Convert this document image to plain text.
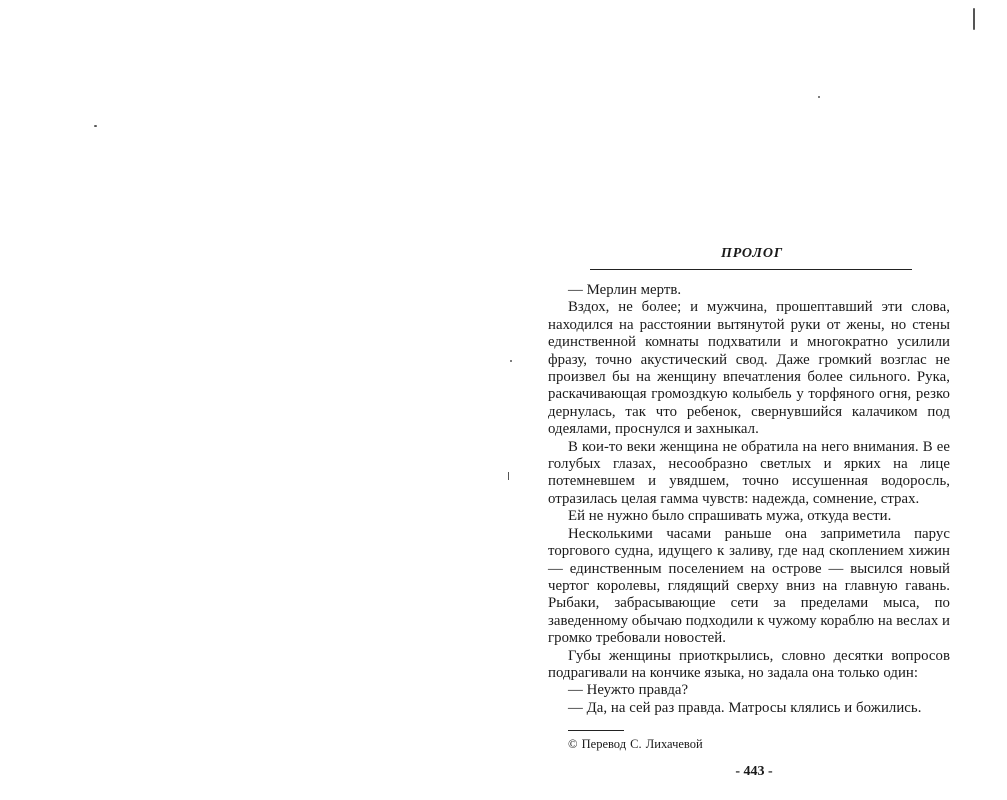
ПРОЛОГ

— Мерлин мертв.

Вздох, не более; и мужчина, прошептавший эти слова, находился на расстоянии вытянутой руки от жены, но стены единственной комнаты подхватили и многократно усилили фразу, точно акустический свод. Даже громкий возглас не произвел бы на женщину впечатления более сильного. Рука, раскачивающая громоздкую колыбель у торфяного огня, резко дернулась, так что ребенок, свернувшийся калачиком под одеялами, проснулся и захныкал.

В кои-то веки женщина не обратила на него внимания. В ее голубых глазах, несообразно светлых и ярких на лице потемневшем и увядшем, точно иссушенная водоросль, отразилась целая гамма чувств: надежда, сомнение, страх.

Ей не нужно было спрашивать мужа, откуда вести.

Несколькими часами раньше она заприметила парус торгового судна, идущего к заливу, где над скоплением хижин — единственным поселением на острове — высился новый чертог королевы, глядящий сверху вниз на главную гавань. Рыбаки, забрасывающие сети за пределами мыса, по заведенному обычаю подходили к чужому кораблю на веслах и громко требовали новостей.

Губы женщины приоткрылись, словно десятки вопросов подрагивали на кончике языка, но задала она только один:

— Неужто правда?

— Да, на сей раз правда. Матросы клялись и божились.

© Перевод С. Лихачевой

- 443 -
